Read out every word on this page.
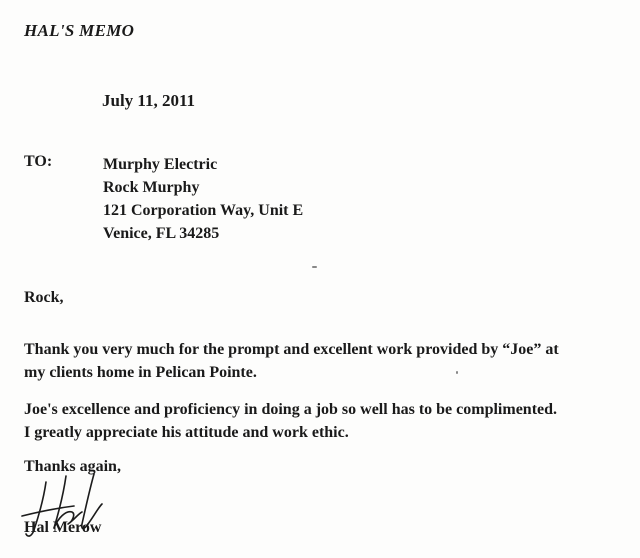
HAL'S MEMO
July 11, 2011
TO:	Murphy Electric
Rock Murphy
121 Corporation Way, Unit E
Venice, FL 34285
Rock,
Thank you very much for the prompt and excellent work provided by “Joe” at
my clients home in Pelican Pointe.
Joe's excellence and proficiency in doing a job so well has to be complimented.
I greatly appreciate his attitude and work ethic.
Thanks again,
Hal Merow
